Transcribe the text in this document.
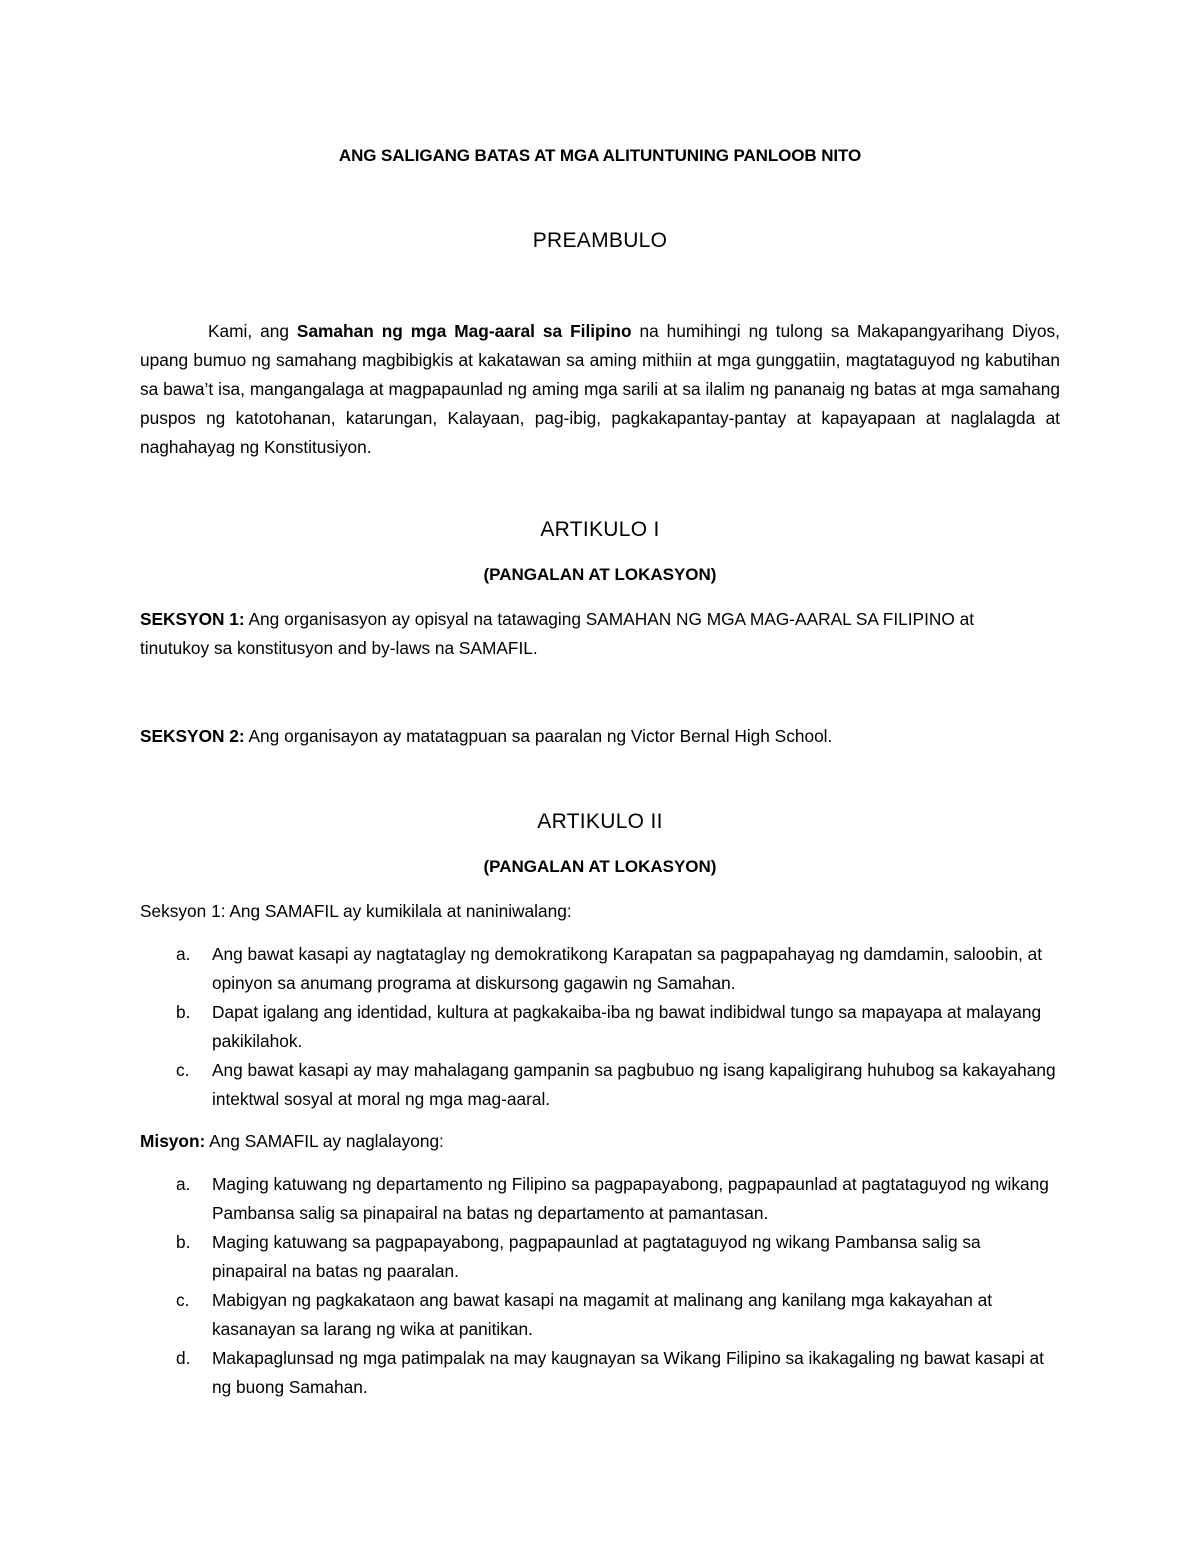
ANG SALIGANG BATAS AT MGA ALITUNTUNING PANLOOB NITO
PREAMBULO
Kami, ang Samahan ng mga Mag-aaral sa Filipino na humihingi ng tulong sa Makapangyarihang Diyos, upang bumuo ng samahang magbibigkis at kakatawan sa aming mithiin at mga gunggatiin, magtataguyod ng kabutihan sa bawa’t isa, mangangalaga at magpapaunlad ng aming mga sarili at sa ilalim ng pananaig ng batas at mga samahang puspos ng katotohanan, katarungan, Kalayaan, pag-ibig, pagkakapantay-pantay at kapayapaan at naglalagda at naghahayag ng Konstitusiyon.
ARTIKULO I
(PANGALAN AT LOKASYON)
SEKSYON 1: Ang organisasyon ay opisyal na tatawaging SAMAHAN NG MGA MAG-AARAL SA FILIPINO at
tinutukoy sa konstitusyon and by-laws na SAMAFIL.
SEKSYON 2: Ang organisayon ay matatagpuan sa paaralan ng Victor Bernal High School.
ARTIKULO II
(PANGALAN AT LOKASYON)
Seksyon 1: Ang SAMAFIL ay kumikilala at naniniwalang:
a. Ang bawat kasapi ay nagtataglay ng demokratikong Karapatan sa pagpapahayag ng damdamin, saloobin, at opinyon sa anumang programa at diskursong gagawin ng Samahan.
b. Dapat igalang ang identidad, kultura at pagkakaiba-iba ng bawat indibidwal tungo sa mapayapa at malayang pakikilahok.
c. Ang bawat kasapi ay may mahalagang gampanin sa pagbubuo ng isang kapaligirang huhubog sa kakayahang intektwal sosyal at moral ng mga mag-aaral.
Misyon: Ang SAMAFIL ay naglalayong:
a. Maging katuwang ng departamento ng Filipino sa pagpapayabong, pagpapaunlad at pagtataguyod ng wikang Pambansa salig sa pinapairal na batas ng departamento at pamantasan.
b. Maging katuwang sa pagpapayabong, pagpapaunlad at pagtataguyod ng wikang Pambansa salig sa pinapairal na batas ng paaralan.
c. Mabigyan ng pagkakataon ang bawat kasapi na magamit at malinang ang kanilang mga kakayahan at kasanayan sa larang ng wika at panitikan.
d. Makapaglunsad ng mga patimpalak na may kaugnayan sa Wikang Filipino sa ikakagaling ng bawat kasapi at ng buong Samahan.
